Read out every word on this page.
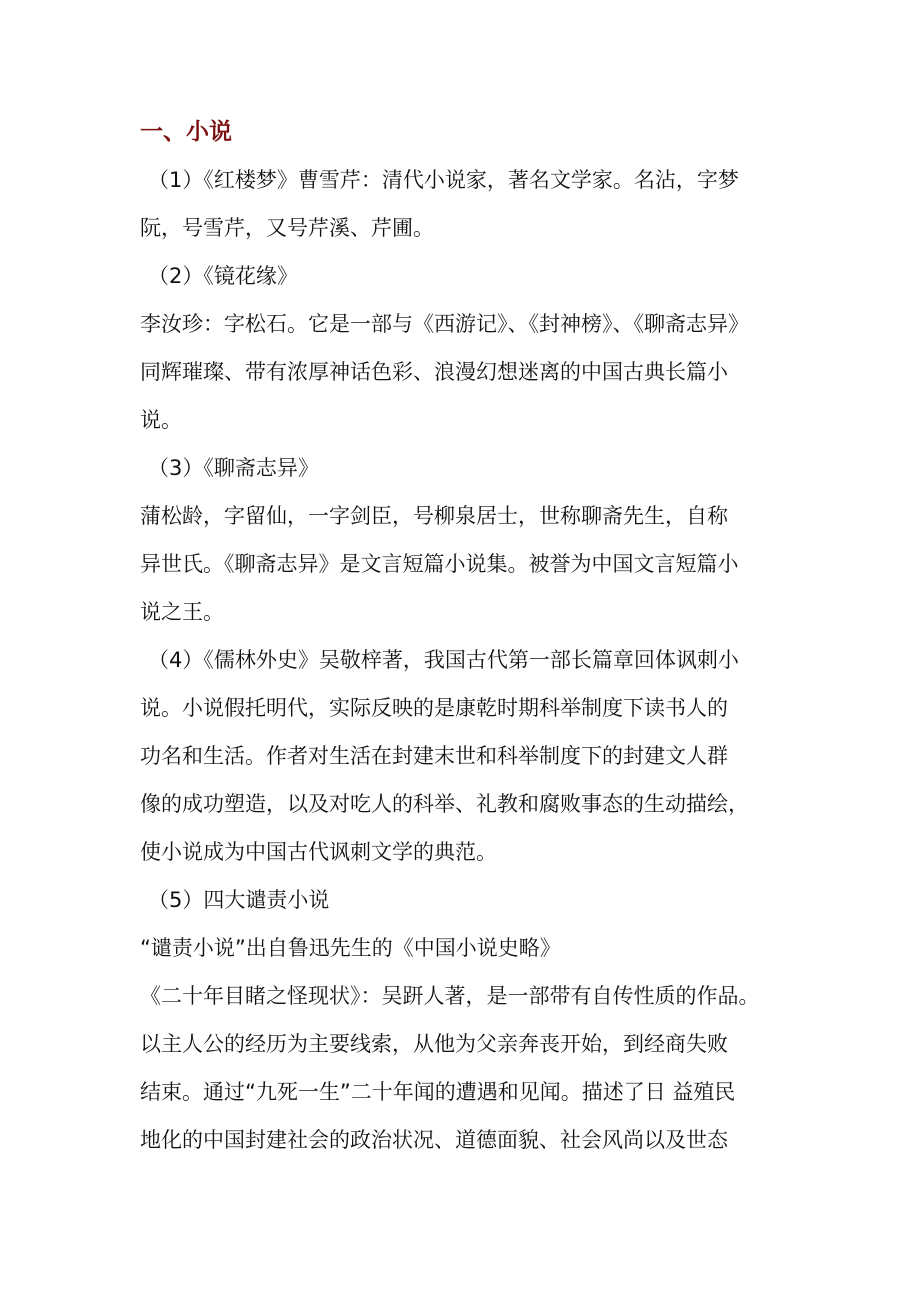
一、小说
（1）《红楼梦》曹雪芹：清代小说家，著名文学家。名沾，字梦
阮，号雪芹，又号芹溪、芹圃。
（2）《镜花缘》
李汝珍：字松石。它是一部与《西游记》、《封神榜》、《聊斋志异》
同辉璀璨、带有浓厚神话色彩、浪漫幻想迷离的中国古典长篇小
说。
（3）《聊斋志异》
蒲松龄，字留仙，一字剑臣，号柳泉居士，世称聊斋先生，自称
异世氏。《聊斋志异》是文言短篇小说集。被誉为中国文言短篇小
说之王。
（4）《儒林外史》吴敬梓著，我国古代第一部长篇章回体讽刺小
说。小说假托明代，实际反映的是康乾时期科举制度下读书人的
功名和生活。作者对生活在封建末世和科举制度下的封建文人群
像的成功塑造，以及对吃人的科举、礼教和腐败事态的生动描绘，
使小说成为中国古代讽刺文学的典范。
（5）四大谴责小说
“谴责小说”出自鲁迅先生的《中国小说史略》
《二十年目睹之怪现状》：吴趼人著，是一部带有自传性质的作品。
以主人公的经历为主要线索，从他为父亲奔丧开始，到经商失败
结束。通过“九死一生”二十年闻的遭遇和见闻。描述了日 益殖民
地化的中国封建社会的政治状况、道德面貌、社会风尚以及世态
